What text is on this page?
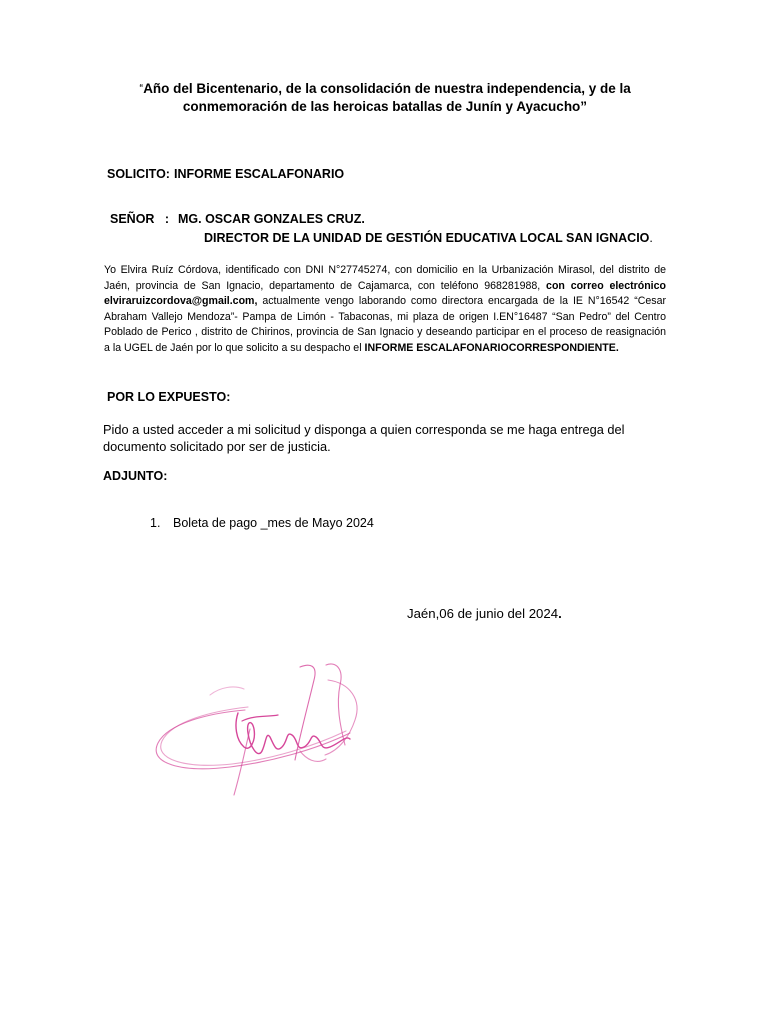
“Año del Bicentenario, de la consolidación de nuestra independencia, y de la
conmemoración de las heroicas batallas de Junín y Ayacucho”
SOLICITO: INFORME ESCALAFONARIO
SEÑOR   : MG. OSCAR GONZALES CRUZ.
DIRECTOR DE LA UNIDAD DE GESTIÓN EDUCATIVA LOCAL SAN IGNACIO.
Yo Elvira Ruíz Córdova, identificado con DNI N°27745274, con domicilio en la Urbanización Mirasol, del distrito de Jaén, provincia de San Ignacio, departamento de Cajamarca, con teléfono 968281988, con correo electrónico elviraruizcordova@gmail.com, actualmente vengo laborando como directora encargada de la IE N°16542 “Cesar Abraham Vallejo Mendoza”- Pampa de Limón - Tabaconas, mi plaza de origen I.EN°16487 “San Pedro” del Centro Poblado de Perico , distrito de Chirinos, provincia de San Ignacio y deseando participar en el proceso de reasignación a la UGEL de Jaén por lo que solicito a su despacho el INFORME ESCALAFONARIOCORRESPONDIENTE.
POR LO EXPUESTO:
Pido a usted acceder a mi solicitud y disponga a quien corresponda se me haga entrega del documento solicitado por ser de justicia.
ADJUNTO:
1. Boleta de pago _mes de Mayo 2024
Jaén,06 de junio del 2024.
